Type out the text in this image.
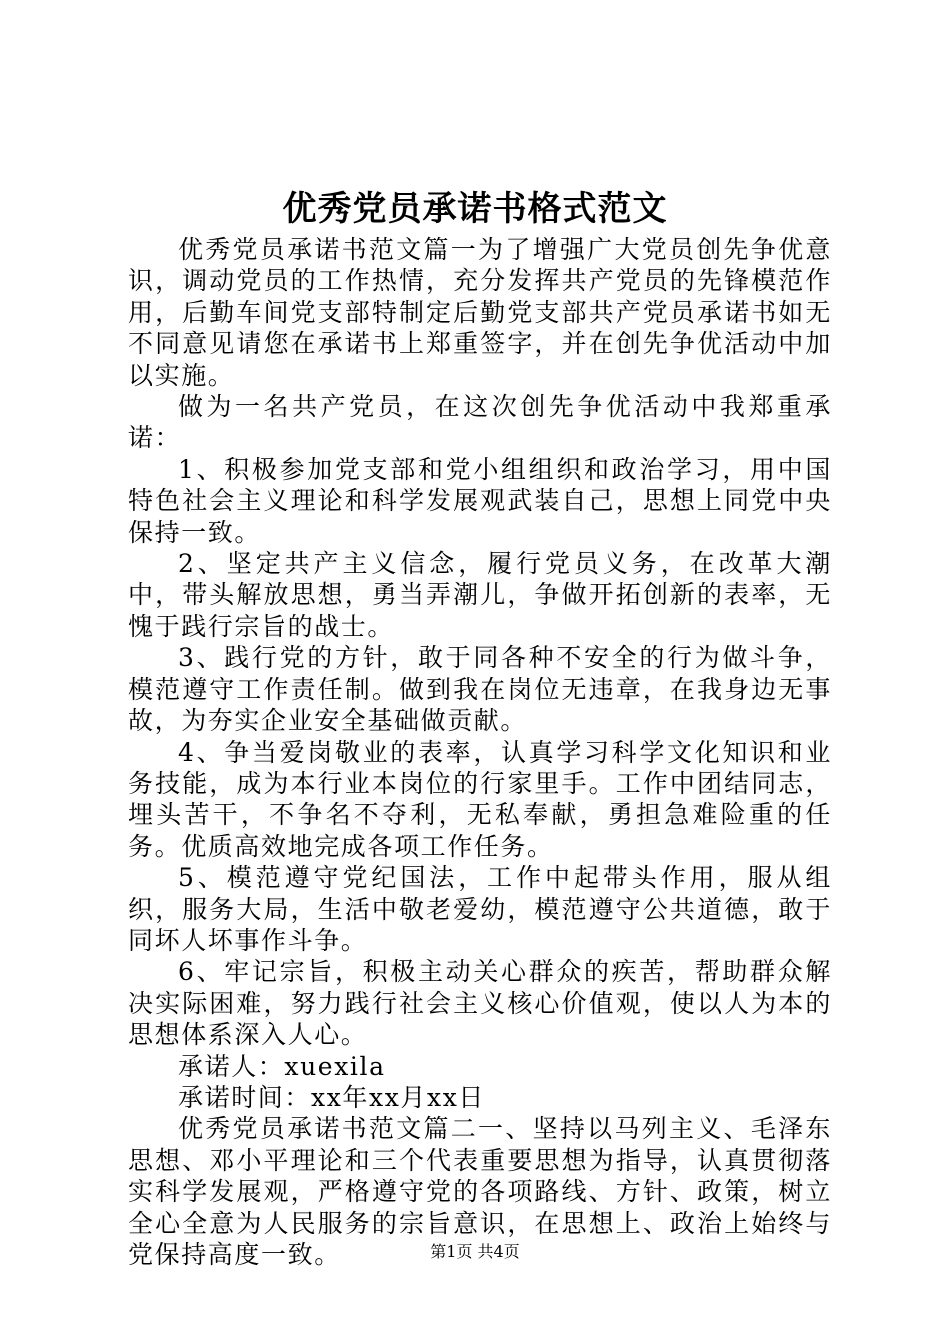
优秀党员承诺书格式范文

优秀党员承诺书范文篇一为了增强广大党员创先争优意识，调动党员的工作热情，充分发挥共产党员的先锋模范作用，后勤车间党支部特制定后勤党支部共产党员承诺书如无不同意见请您在承诺书上郑重签字，并在创先争优活动中加以实施。

做为一名共产党员，在这次创先争优活动中我郑重承诺：

1、积极参加党支部和党小组组织和政治学习，用中国特色社会主义理论和科学发展观武装自己，思想上同党中央保持一致。

2、坚定共产主义信念，履行党员义务，在改革大潮中，带头解放思想，勇当弄潮儿，争做开拓创新的表率，无愧于践行宗旨的战士。

3、践行党的方针，敢于同各种不安全的行为做斗争，模范遵守工作责任制。做到我在岗位无违章，在我身边无事故，为夯实企业安全基础做贡献。

4、争当爱岗敬业的表率，认真学习科学文化知识和业务技能，成为本行业本岗位的行家里手。工作中团结同志，埋头苦干，不争名不夺利，无私奉献，勇担急难险重的任务。优质高效地完成各项工作任务。

5、模范遵守党纪国法，工作中起带头作用，服从组织，服务大局，生活中敬老爱幼，模范遵守公共道德，敢于同坏人坏事作斗争。

6、牢记宗旨，积极主动关心群众的疾苦，帮助群众解决实际困难，努力践行社会主义核心价值观，使以人为本的思想体系深入人心。

承诺人：xuexila

承诺时间：xx年xx月xx日

优秀党员承诺书范文篇二一、坚持以马列主义、毛泽东思想、邓小平理论和三个代表重要思想为指导，认真贯彻落实科学发展观，严格遵守党的各项路线、方针、政策，树立全心全意为人民服务的宗旨意识，在思想上、政治上始终与党保持高度一致。	第1页 共4页
